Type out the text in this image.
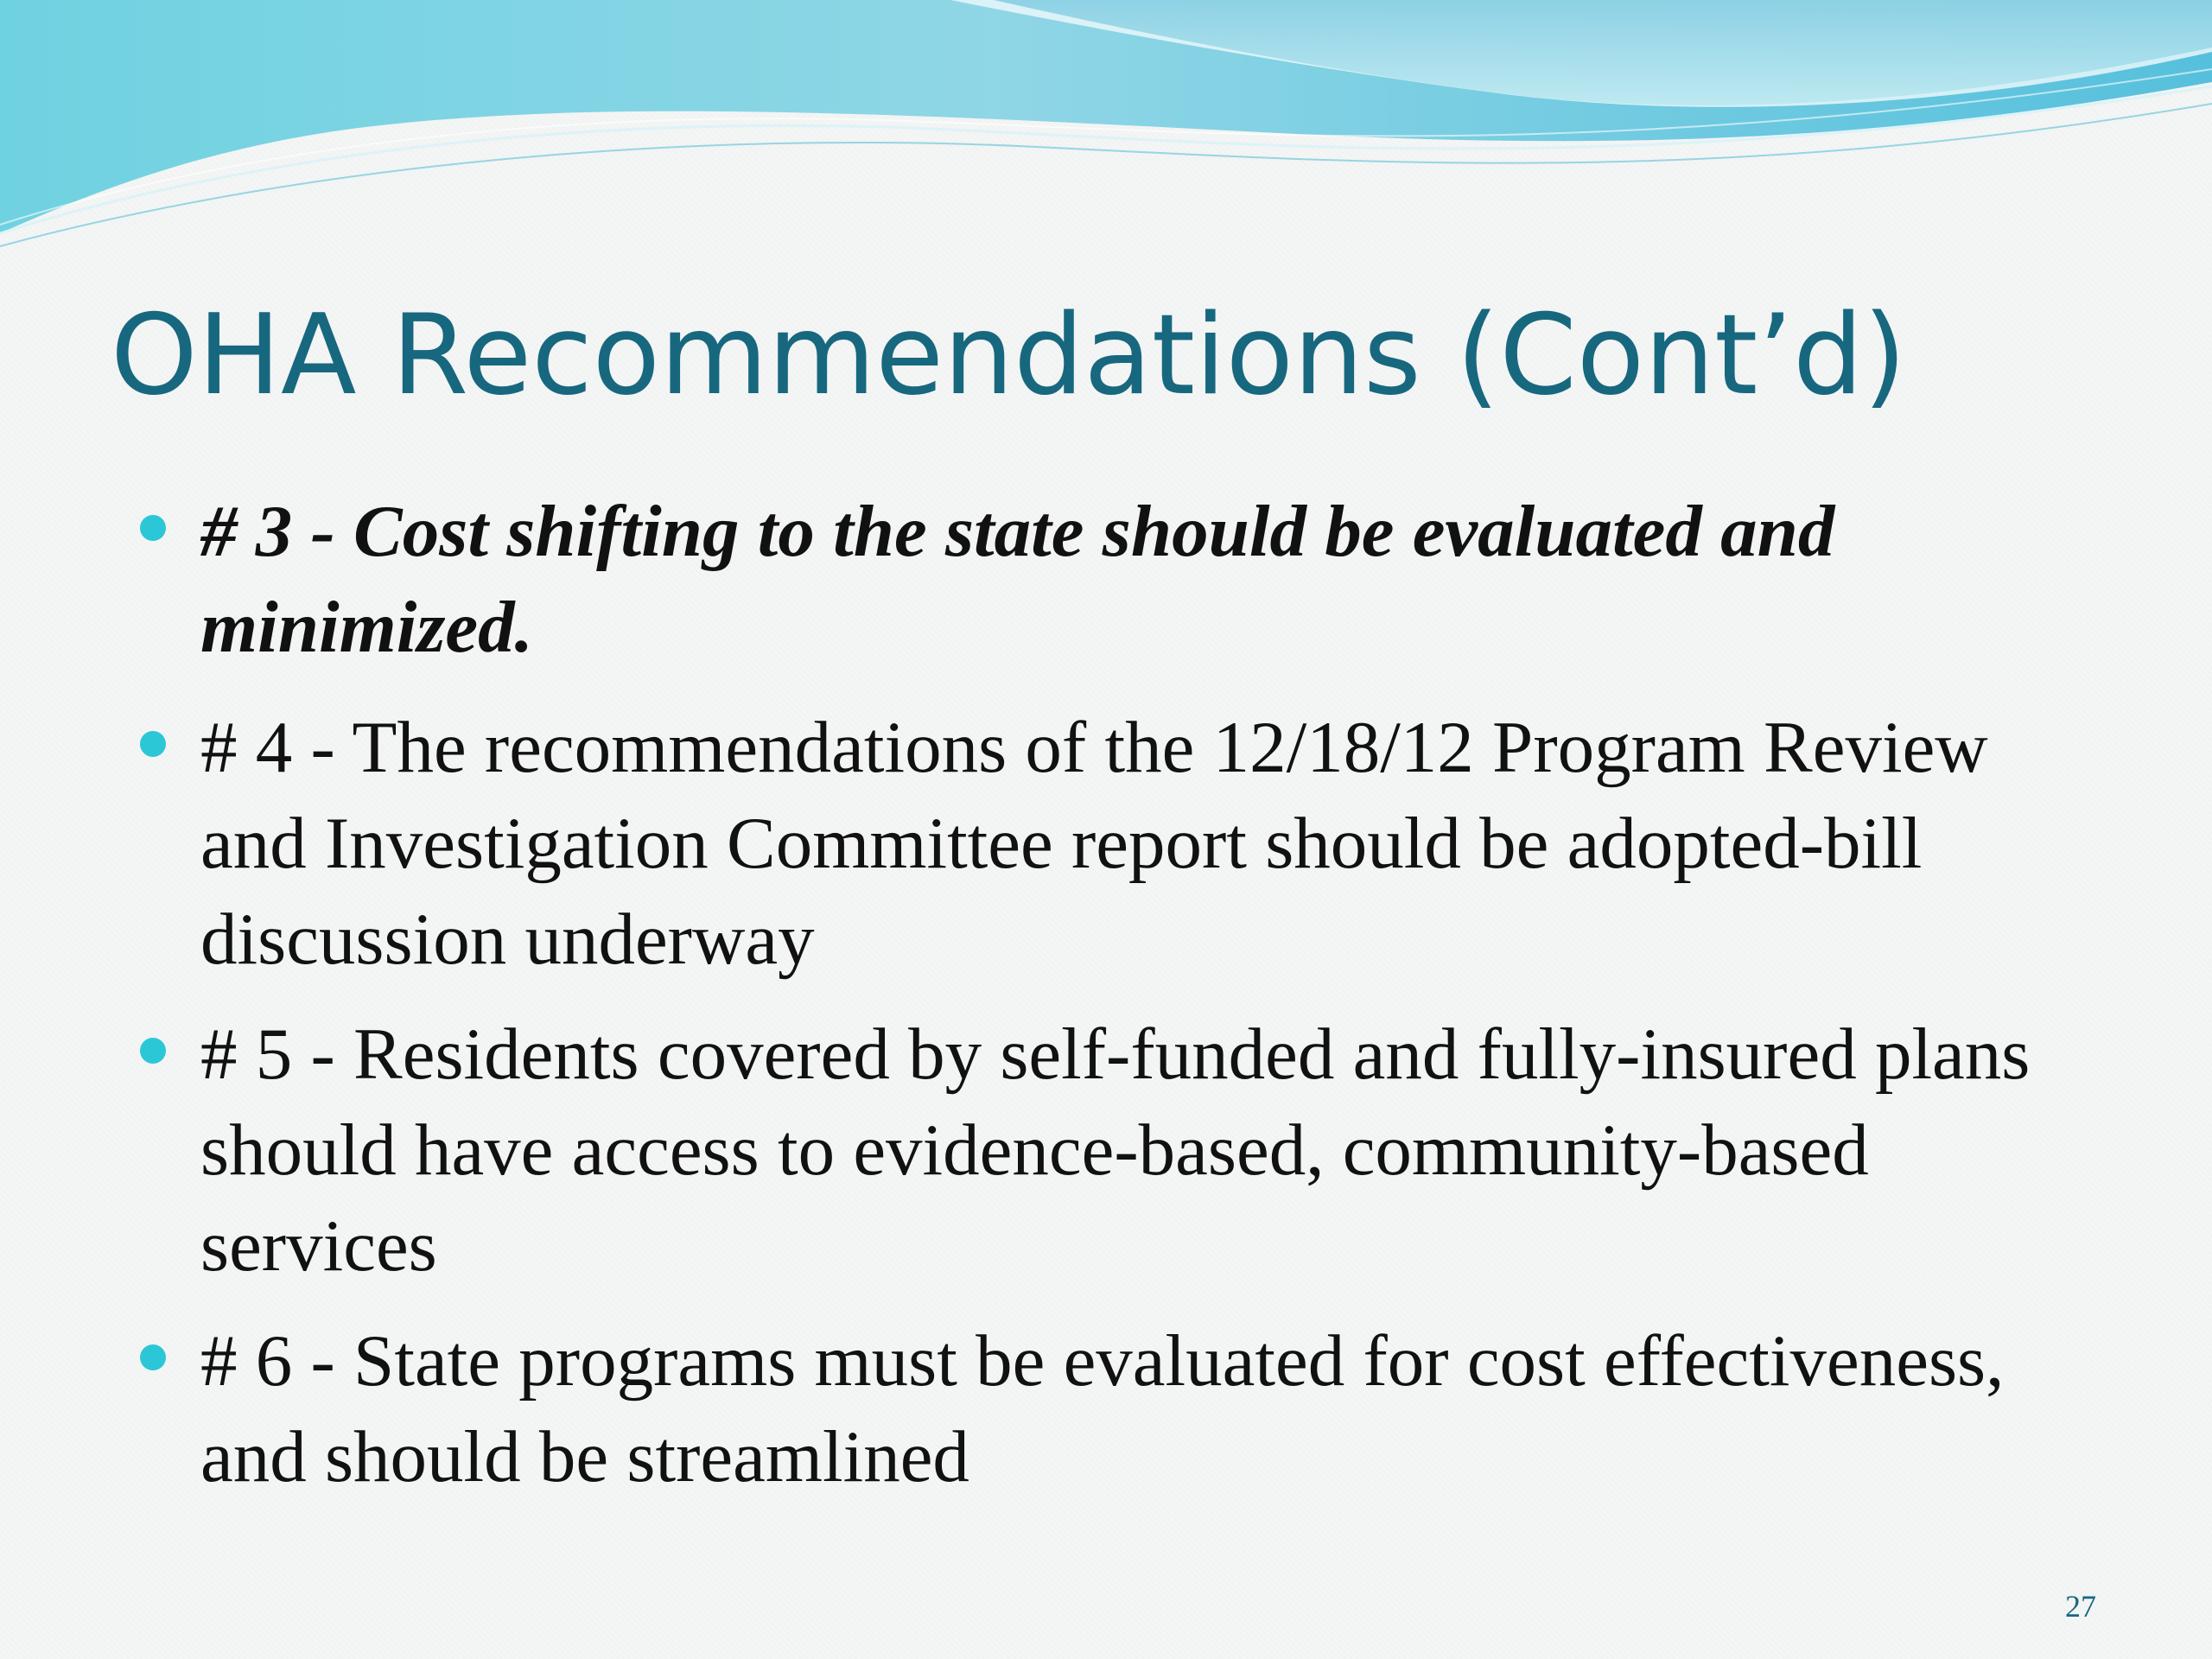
OHA Recommendations (Cont’d)
# 3 - Cost shifting to the state should be evaluated and minimized.
# 4 - The recommendations of the 12/18/12 Program Review and Investigation Committee report should be adopted-bill discussion underway
# 5 - Residents covered by self-funded and fully-insured plans should have access to evidence-based, community-based services
# 6 - State programs must be evaluated for cost effectiveness, and should be streamlined
27
